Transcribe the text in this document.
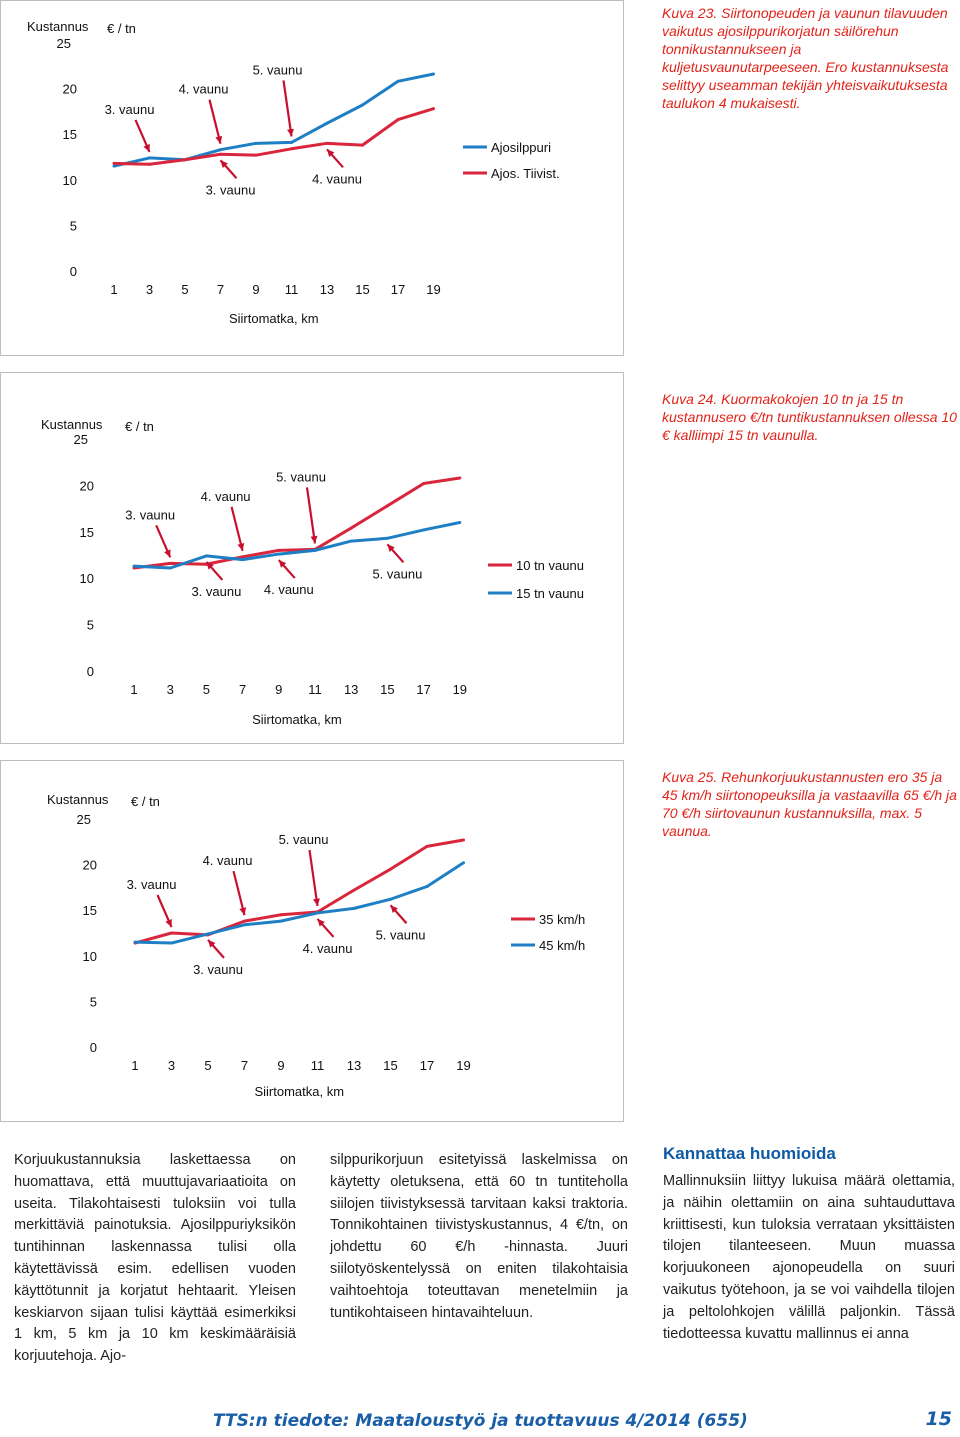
0
5
10
15
20
Kustannus € / tn
25
1 3 5 7 9 11 13 15 17 19
Siirtomatka, km
Ajosilppuri
Ajos. Tiivist.
3. vaunu
4. vaunu
5. vaunu
3. vaunu
4. vaunu
Kuva 23. Siirtonopeuden ja vaunun tilavuuden vaikutus ajosilppurikorjatun säilörehun tonnikustannukseen ja kuljetusvaunutarpeeseen. Ero kustannuksesta selittyy useamman tekijän yhteisvaikutuksesta taulukon 4 mukaisesti.
0
5
10
15
20
Kustannus € / tn
25
1 3 5 7 9 11 13 15 17 19
Siirtomatka, km
10 tn vaunu
15 tn vaunu
3. vaunu
4. vaunu
5. vaunu
3. vaunu 4. vaunu
5. vaunu
Kuva 24. Kuormakokojen 10 tn ja 15 tn kustannusero €/tn tuntikustannuksen ollessa 10 € kalliimpi 15 tn vaunulla.
0
5
10
15
20
Kustannus € / tn
25
1 3 5 7 9 11 13 15 17 19
Siirtomatka, km
35 km/h
45 km/h
3. vaunu
4. vaunu
5. vaunu
3. vaunu
4. vaunu
5. vaunu
Kuva 25. Rehunkorjuukustannusten ero 35 ja 45 km/h siirtonopeuksilla ja vastaavilla 65 €/h ja 70 €/h siirtovaunun kustannuksilla, max. 5 vaunua.
Korjuukustannuksia laskettaessa on huomattava, että muuttujavariaatioita on useita. Tilakohtaisesti tuloksiin voi tulla merkittäviä painotuksia. Ajosilppuriyksikön tuntihinnan laskennassa tulisi olla käytettävissä esim. edellisen vuoden käyttötunnit ja korjatut hehtaarit. Yleisen keskiarvon sijaan tulisi käyttää esimerkiksi 1 km, 5 km ja 10 km keskimääräisiä korjuutehoja. Ajo-
silppurikorjuun esitetyissä laskelmissa on käytetty oletuksena, että 60 tn tuntiteholla siilojen tiivistyksessä tarvitaan kaksi traktoria. Tonnikohtainen tiivistyskustannus, 4 €/tn, on johdettu 60 €/h -hinnasta. Juuri siilotyöskentelyssä on eniten tilakohtaisia vaihtoehtoja toteuttavan menetelmiin ja tuntikohtaiseen hintavaihteluun.
Kannattaa huomioida
Mallinnuksiin liittyy lukuisa määrä olettamia, ja näihin olettamiin on aina suhtauduttava kriittisesti, kun tuloksia verrataan yksittäisten tilojen tilanteeseen. Muun muassa korjuukoneen ajonopeudella on suuri vaikutus työtehoon, ja se voi vaihdella tilojen ja peltolohkojen välillä paljonkin. Tässä tiedotteessa kuvattu mallinnus ei anna
TTS:n tiedote: Maataloustyö ja tuottavuus 4/2014 (655)	15
